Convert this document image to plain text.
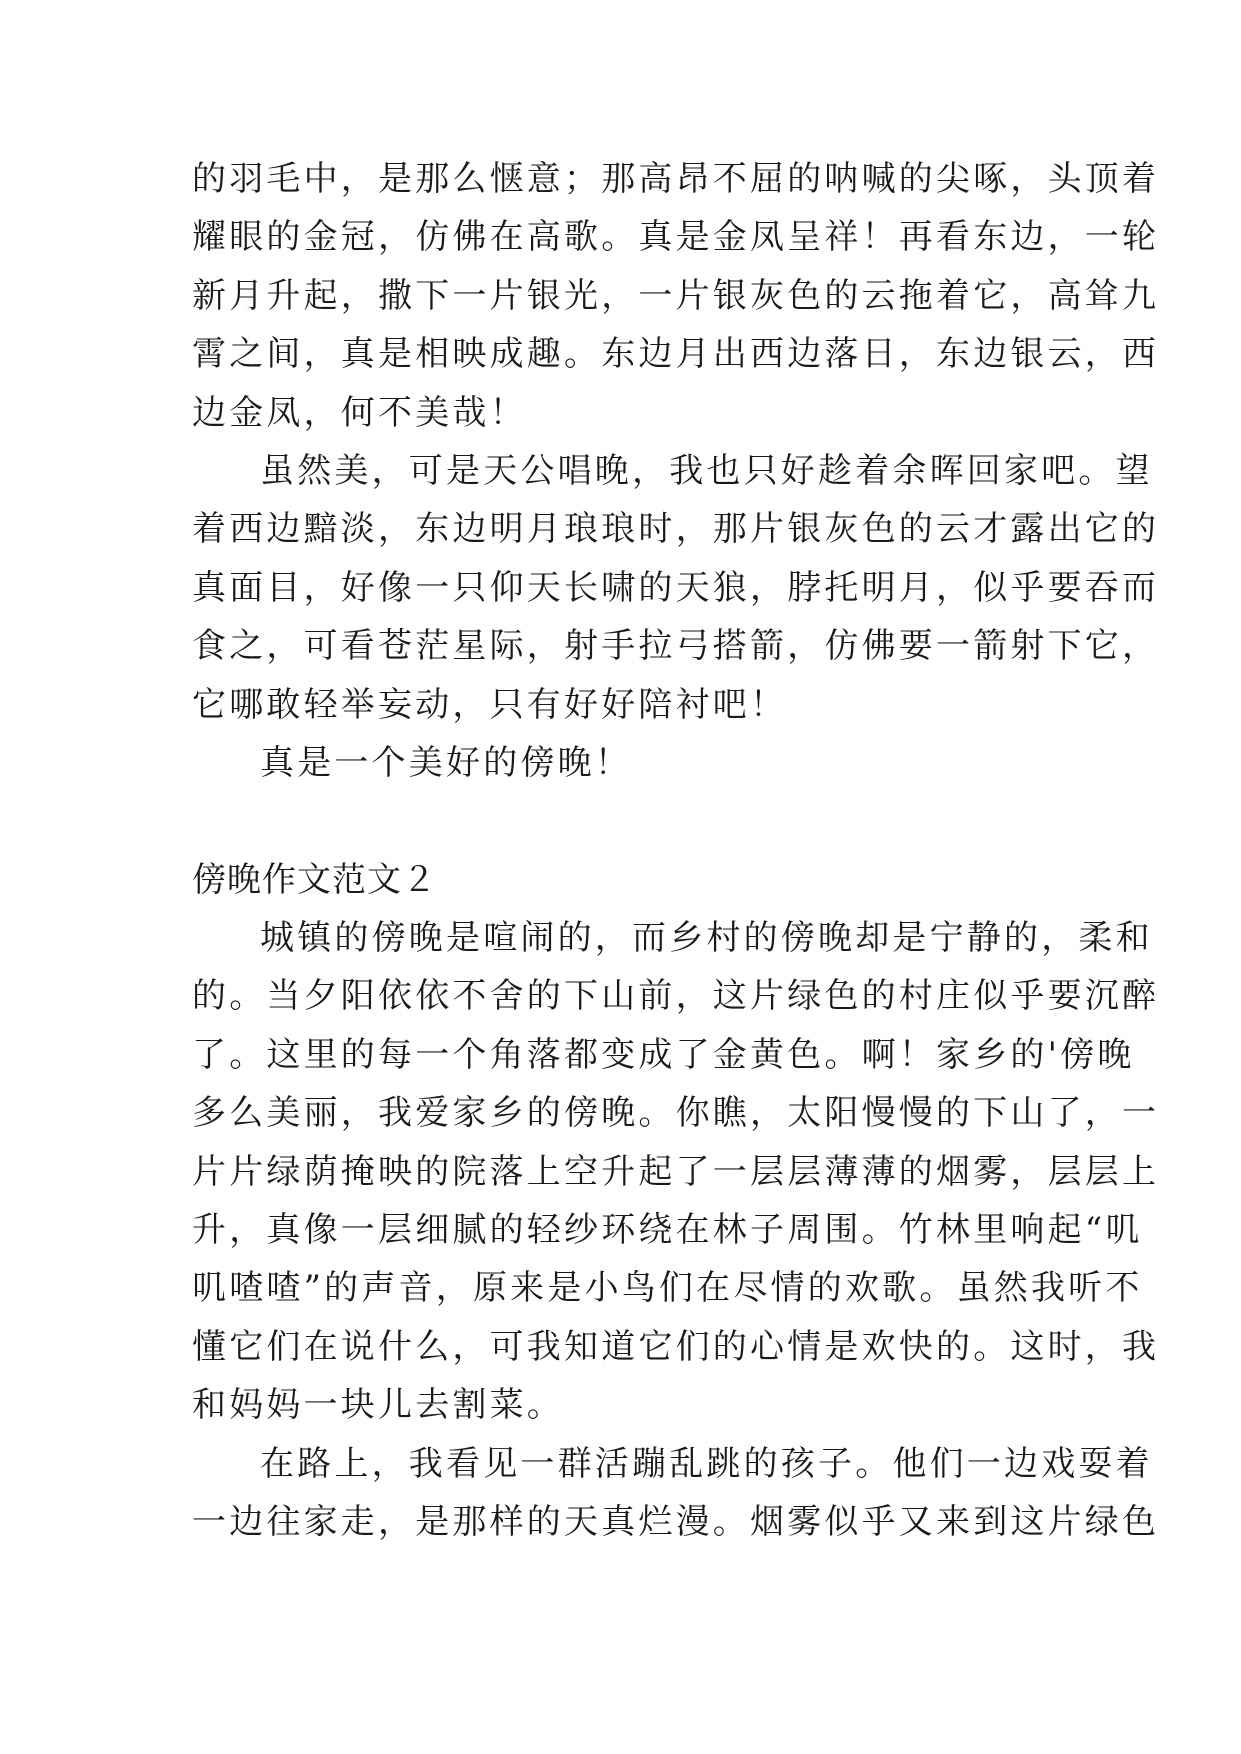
的羽毛中，是那么惬意；那高昂不屈的呐喊的尖啄，头顶着
耀眼的金冠，仿佛在高歌。真是金凤呈祥！再看东边，一轮
新月升起，撒下一片银光，一片银灰色的云拖着它，高耸九
霄之间，真是相映成趣。东边月出西边落日，东边银云，西
边金凤，何不美哉！
虽然美，可是天公唱晚，我也只好趁着余晖回家吧。望
着西边黯淡，东边明月琅琅时，那片银灰色的云才露出它的
真面目，好像一只仰天长啸的天狼，脖托明月，似乎要吞而
食之，可看苍茫星际，射手拉弓搭箭，仿佛要一箭射下它，
它哪敢轻举妄动，只有好好陪衬吧！
真是一个美好的傍晚！
傍晚作文范文２
城镇的傍晚是喧闹的，而乡村的傍晚却是宁静的，柔和
的。当夕阳依依不舍的下山前，这片绿色的村庄似乎要沉醉
了。这里的每一个角落都变成了金黄色。啊！家乡的'傍晚
多么美丽，我爱家乡的傍晚。你瞧，太阳慢慢的下山了，一
片片绿荫掩映的院落上空升起了一层层薄薄的烟雾，层层上
升，真像一层细腻的轻纱环绕在林子周围。竹林里响起“叽
叽喳喳”的声音，原来是小鸟们在尽情的欢歌。虽然我听不
懂它们在说什么，可我知道它们的心情是欢快的。这时，我
和妈妈一块儿去割菜。
在路上，我看见一群活蹦乱跳的孩子。他们一边戏耍着
一边往家走，是那样的天真烂漫。烟雾似乎又来到这片绿色
